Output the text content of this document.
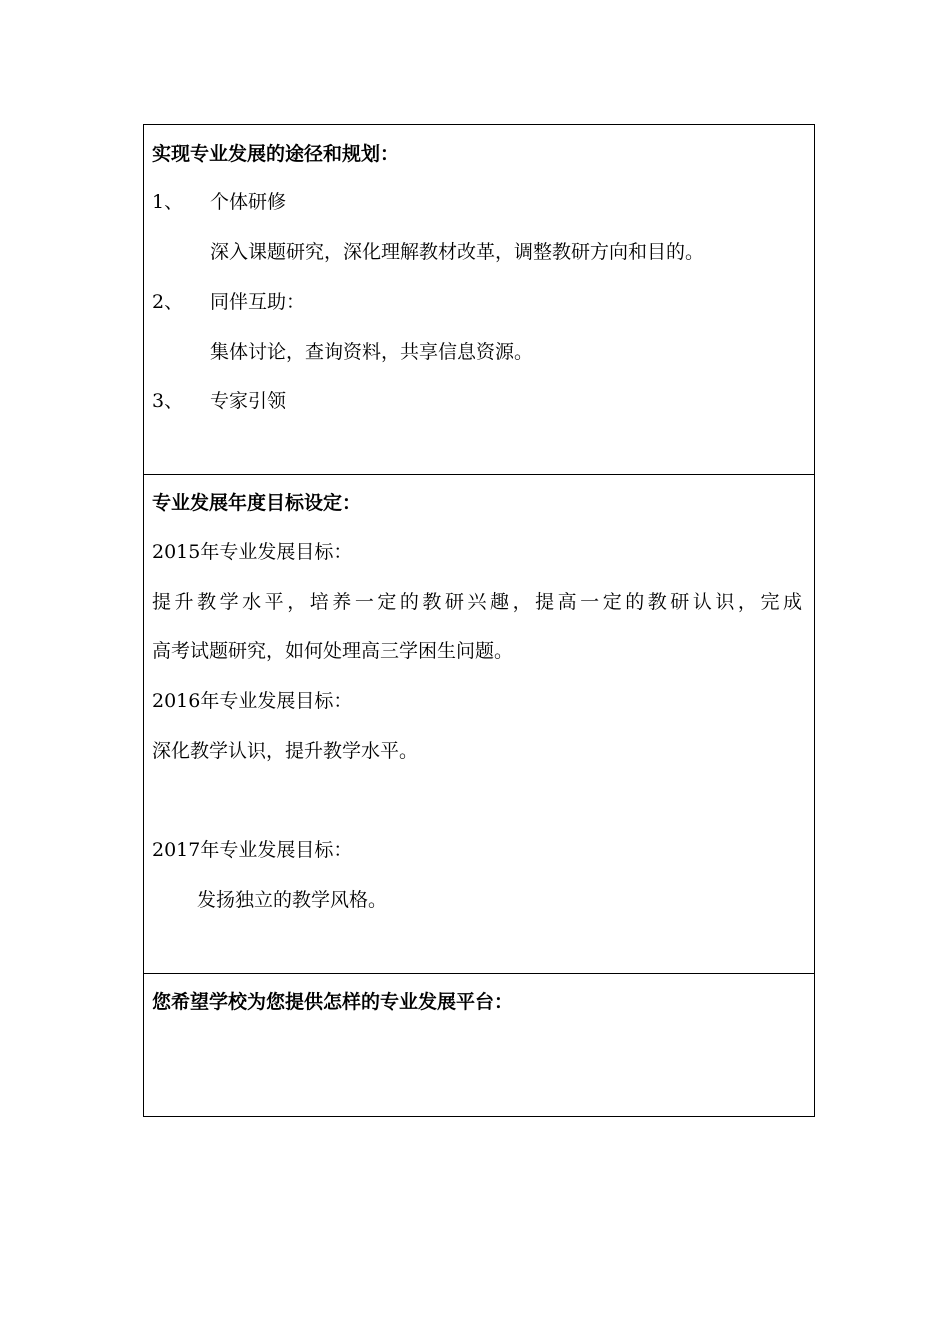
实现专业发展的途径和规划：
1、 个体研修
深入课题研究，深化理解教材改革，调整教研方向和目的。
2、 同伴互助：
集体讨论，查询资料，共享信息资源。
3、 专家引领
专业发展年度目标设定：
2015年专业发展目标：
提升教学水平，培养一定的教研兴趣，提高一定的教研认识，完成
高考试题研究，如何处理高三学困生问题。
2016年专业发展目标：
深化教学认识，提升教学水平。
2017年专业发展目标：
发扬独立的教学风格。
您希望学校为您提供怎样的专业发展平台：
